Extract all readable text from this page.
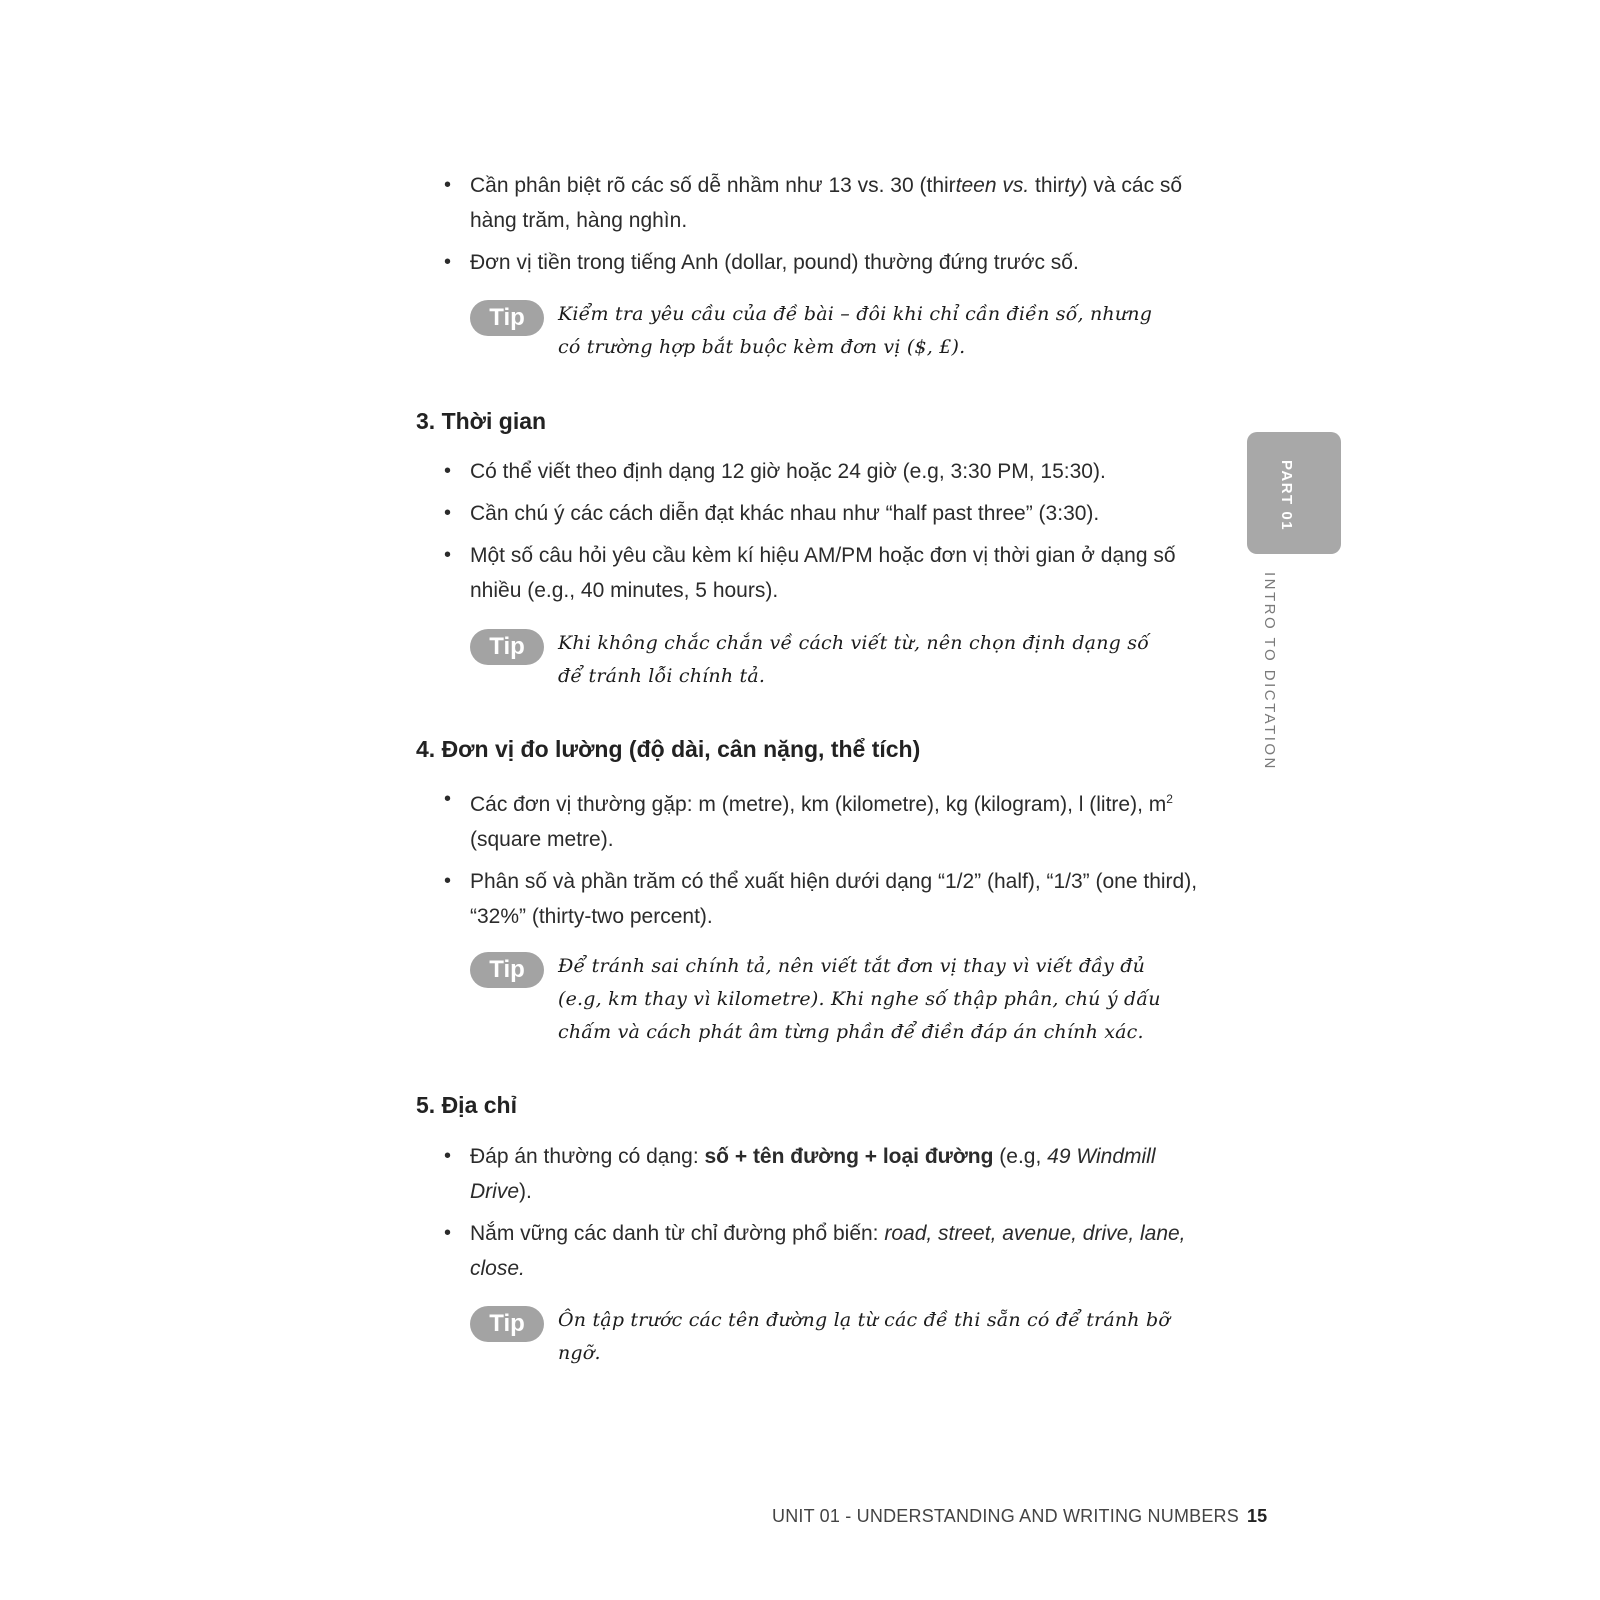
• Cần phân biệt rõ các số dễ nhầm như 13 vs. 30 (thirteen vs. thirty) và các số hàng trăm, hàng nghìn.
• Đơn vị tiền trong tiếng Anh (dollar, pound) thường đứng trước số.
Tip	Kiểm tra yêu cầu của đề bài – đôi khi chỉ cần điền số, nhưng có trường hợp bắt buộc kèm đơn vị ($, £).
3. Thời gian
• Có thể viết theo định dạng 12 giờ hoặc 24 giờ (e.g, 3:30 PM, 15:30).
• Cần chú ý các cách diễn đạt khác nhau như “half past three” (3:30).
• Một số câu hỏi yêu cầu kèm kí hiệu AM/PM hoặc đơn vị thời gian ở dạng số nhiều (e.g., 40 minutes, 5 hours).
Tip	Khi không chắc chắn về cách viết từ, nên chọn định dạng số để tránh lỗi chính tả.
4. Đơn vị đo lường (độ dài, cân nặng, thể tích)
• Các đơn vị thường gặp: m (metre), km (kilometre), kg (kilogram), l (litre), $m^2$ (square metre).
• Phân số và phần trăm có thể xuất hiện dưới dạng “1/2” (half), “1/3” (one third), “32%” (thirty-two percent).
Tip	Để tránh sai chính tả, nên viết tắt đơn vị thay vì viết đầy đủ (e.g, km thay vì kilometre). Khi nghe số thập phân, chú ý dấu chấm và cách phát âm từng phần để điền đáp án chính xác.
5. Địa chỉ
• Đáp án thường có dạng: số + tên đường + loại đường (e.g, 49 Windmill Drive).
• Nắm vững các danh từ chỉ đường phổ biến: road, street, avenue, drive, lane, close.
Tip	Ôn tập trước các tên đường lạ từ các đề thi sẵn có để tránh bỡ ngỡ.
PART 01
INTRO TO DICTATION
UNIT 01 - UNDERSTANDING AND WRITING NUMBERS 15
